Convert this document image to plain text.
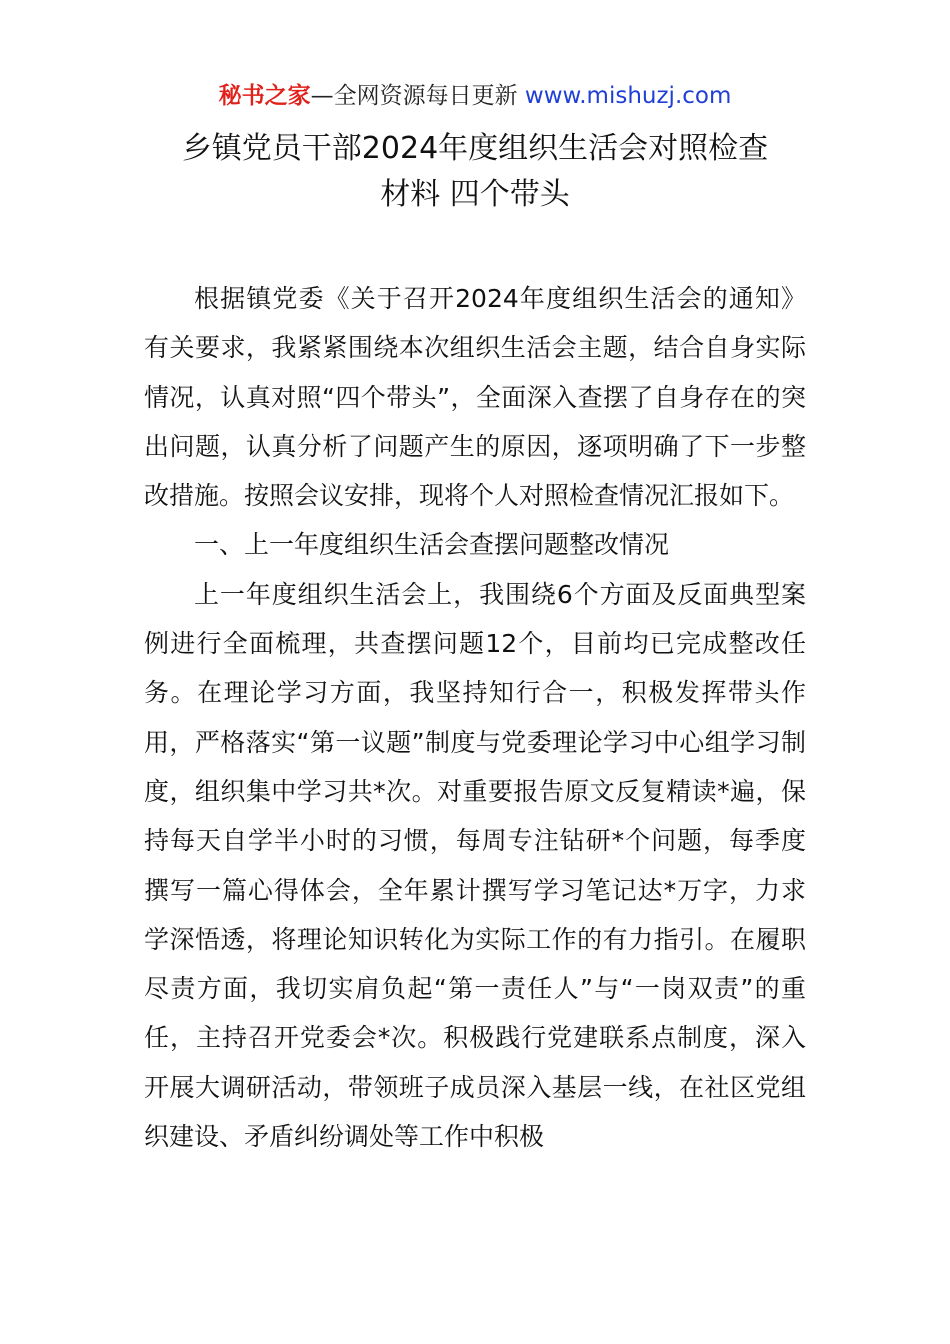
秘书之家—全网资源每日更新 www.mishuzj.com
乡镇党员干部2024年度组织生活会对照检查
材料 四个带头

根据镇党委《关于召开2024年度组织生活会的通知》有关要求，我紧紧围绕本次组织生活会主题，结合自身实际情况，认真对照“四个带头”，全面深入查摆了自身存在的突出问题，认真分析了问题产生的原因，逐项明确了下一步整改措施。按照会议安排，现将个人对照检查情况汇报如下。

一、上一年度组织生活会查摆问题整改情况

上一年度组织生活会上，我围绕6个方面及反面典型案例进行全面梳理，共查摆问题12个，目前均已完成整改任务。在理论学习方面，我坚持知行合一，积极发挥带头作用，严格落实“第一议题”制度与党委理论学习中心组学习制度，组织集中学习共*次。对重要报告原文反复精读*遍，保持每天自学半小时的习惯，每周专注钻研*个问题，每季度撰写一篇心得体会，全年累计撰写学习笔记达*万字，力求学深悟透，将理论知识转化为实际工作的有力指引。在履职尽责方面，我切实肩负起“第一责任人”与“一岗双责”的重任，主持召开党委会*次。积极践行党建联系点制度，深入开展大调研活动，带领班子成员深入基层一线，在社区党组织建设、矛盾纠纷调处等工作中积极
